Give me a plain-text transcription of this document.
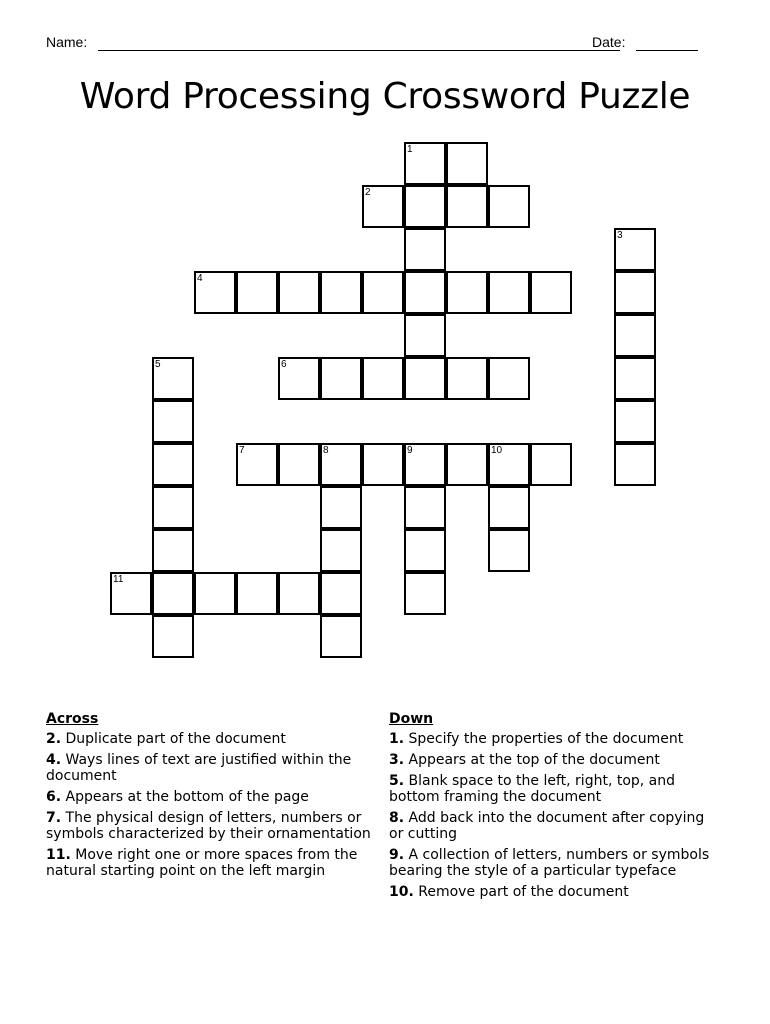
Name:	Date:
Word Processing Crossword Puzzle
1
2
3
4
5	6
7	8	9	10
11
Across
2. Duplicate part of the document
4. Ways lines of text are justified within the document
6. Appears at the bottom of the page
7. The physical design of letters, numbers or symbols characterized by their ornamentation
11. Move right one or more spaces from the natural starting point on the left margin
Down
1. Specify the properties of the document
3. Appears at the top of the document
5. Blank space to the left, right, top, and bottom framing the document
8. Add back into the document after copying or cutting
9. A collection of letters, numbers or symbols bearing the style of a particular typeface
10. Remove part of the document
